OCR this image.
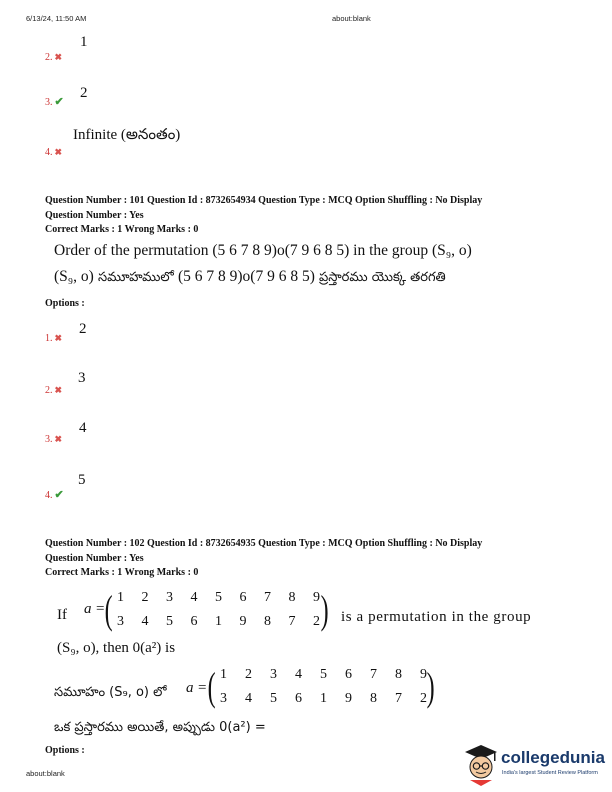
6/13/24, 11:50 AM	about:blank
1
2. ✖
2
3. ✔
Infinite (అనంతం)
4. ✖
Question Number : 101 Question Id : 8732654934 Question Type : MCQ Option Shuffling : No Display
Question Number : Yes
Correct Marks : 1 Wrong Marks : 0
Order of the permutation (5 6 7 8 9)o(7 9 6 8 5) in the group (S₉, o)
(S₉, o) సమూహములో (5 6 7 8 9)o(7 9 6 8 5) ప్రస్తారము యొక్క తరగతి
Options :
2
1. ✖
3
2. ✖
4
3. ✖
5
4. ✔
Question Number : 102 Question Id : 8732654935 Question Type : MCQ Option Shuffling : No Display
Question Number : Yes
Correct Marks : 1 Wrong Marks : 0
If a = (	)
1 2 3 4 5 6 7 8 9
3 4 5 6 1 9 8 7 2 is a permutation in the group
(S₉, o), then 0(a²) is
సమూహం (S₉, o) లో a = (	)
1 2 3 4 5 6 7 8 9
3 4 5 6 1 9 8 7 2
ఒక ప్రస్తారము అయితే, అప్పుడు 0(a²) =
Options :
about:blank
collegedunia
India's largest Student Review Platform
